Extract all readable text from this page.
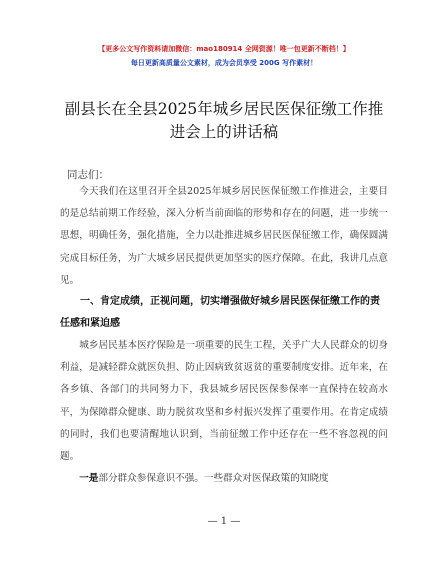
【更多公文写作资料请加微信：mao180914 全网资源！唯一包更新不断档！】
每日更新高质量公文素材，成为会员享受 200G 写作素材！
副县长在全县2025年城乡居民医保征缴工作推进会上的讲话稿
同志们：
今天我们在这里召开全县2025年城乡居民医保征缴工作推进会，主要目的是总结前期工作经验，深入分析当前面临的形势和存在的问题，进一步统一思想，明确任务，强化措施，全力以赴推进城乡居民医保征缴工作，确保圆满完成目标任务，为广大城乡居民提供更加坚实的医疗保障。在此，我讲几点意见。
一、肯定成绩，正视问题，切实增强做好城乡居民医保征缴工作的责任感和紧迫感
城乡居民基本医疗保险是一项重要的民生工程，关乎广大人民群众的切身利益，是减轻群众就医负担、防止因病致贫返贫的重要制度安排。近年来，在各乡镇、各部门的共同努力下，我县城乡居民医保参保率一直保持在较高水平，为保障群众健康、助力脱贫攻坚和乡村振兴发挥了重要作用。在肯定成绩的同时，我们也要清醒地认识到，当前征缴工作中还存在一些不容忽视的问题。
一是部分群众参保意识不强。一些群众对医保政策的知晓度
— 1 —
